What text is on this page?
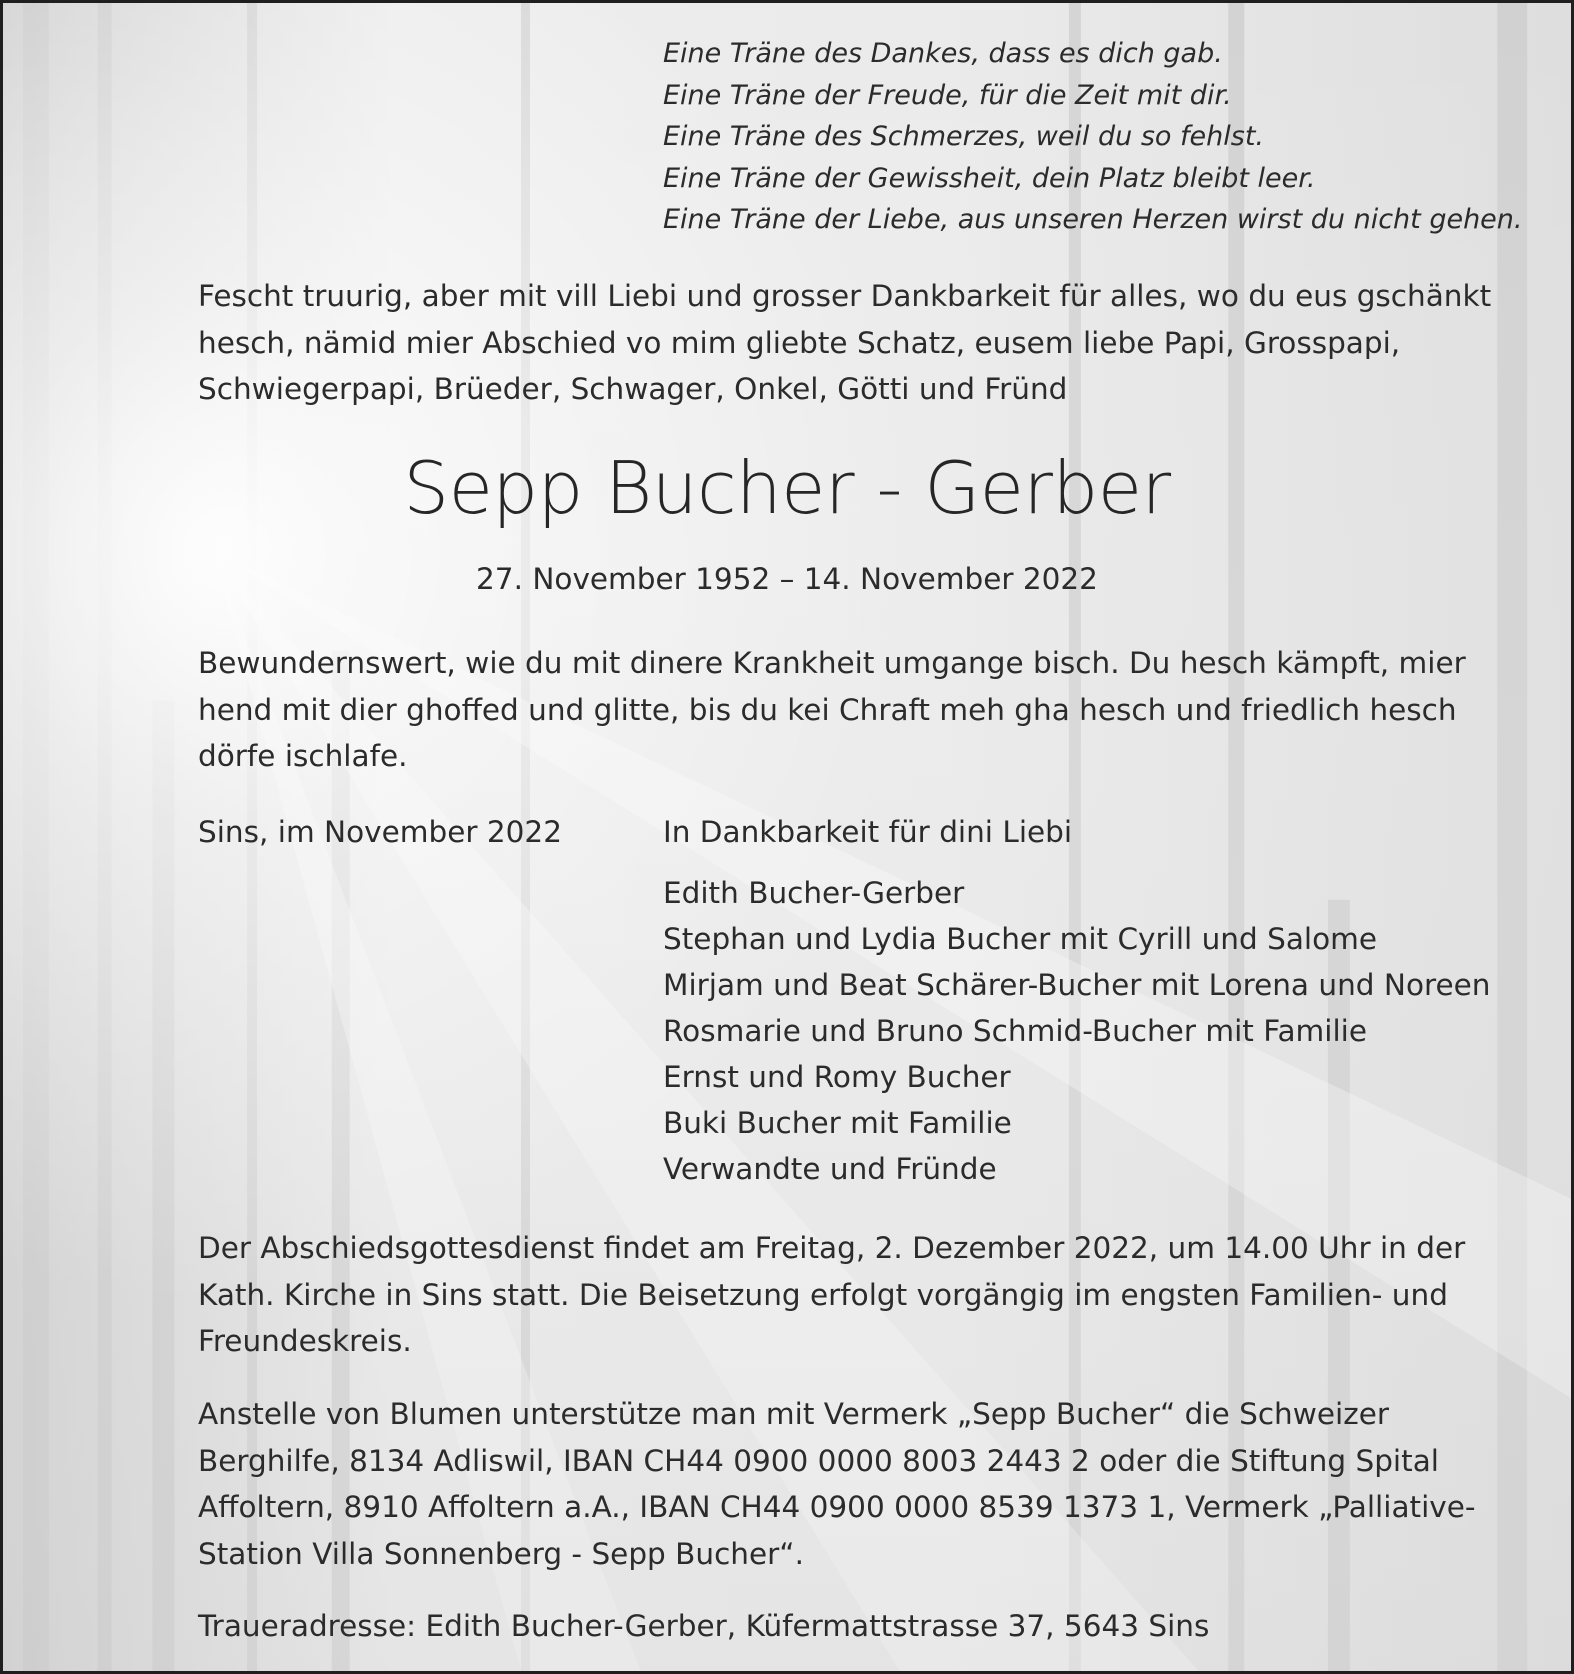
Eine Träne des Dankes, dass es dich gab.
Eine Träne der Freude, für die Zeit mit dir.
Eine Träne des Schmerzes, weil du so fehlst.
Eine Träne der Gewissheit, dein Platz bleibt leer.
Eine Träne der Liebe, aus unseren Herzen wirst du nicht gehen.

Fescht truurig, aber mit vill Liebi und grosser Dankbarkeit für alles, wo du eus gschänkt hesch, nämid mier Abschied vo mim gliebte Schatz, eusem liebe Papi, Grosspapi, Schwiegerpapi, Brüeder, Schwager, Onkel, Götti und Fründ

Sepp Bucher - Gerber
27. November 1952 – 14. November 2022

Bewundernswert, wie du mit dinere Krankheit umgange bisch. Du hesch kämpft, mier hend mit dier ghoffed und glitte, bis du kei Chraft meh gha hesch und friedlich hesch dörfe ischlafe.

Sins, im November 2022	In Dankbarkeit für dini Liebi
Edith Bucher-Gerber
Stephan und Lydia Bucher mit Cyrill und Salome
Mirjam und Beat Schärer-Bucher mit Lorena und Noreen
Rosmarie und Bruno Schmid-Bucher mit Familie
Ernst und Romy Bucher
Buki Bucher mit Familie
Verwandte und Fründe

Der Abschiedsgottesdienst findet am Freitag, 2. Dezember 2022, um 14.00 Uhr in der Kath. Kirche in Sins statt. Die Beisetzung erfolgt vorgängig im engsten Familien- und Freundeskreis.

Anstelle von Blumen unterstütze man mit Vermerk „Sepp Bucher“ die Schweizer Berghilfe, 8134 Adliswil, IBAN CH44 0900 0000 8003 2443 2 oder die Stiftung Spital Affoltern, 8910 Affoltern a.A., IBAN CH44 0900 0000 8539 1373 1, Vermerk „Palliative-Station Villa Sonnenberg - Sepp Bucher“.

Traueradresse: Edith Bucher-Gerber, Küfermattstrasse 37, 5643 Sins
